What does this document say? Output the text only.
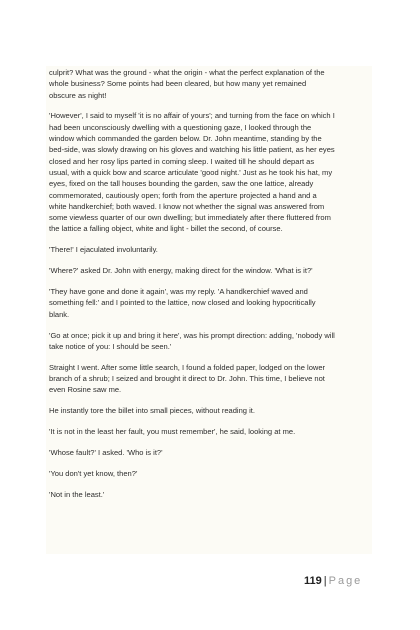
culprit? What was the ground - what the origin - what the perfect explanation of the
whole business? Some points had been cleared, but how many yet remained
obscure as night!

'However', I said to myself 'it is no affair of yours'; and turning from the face on which I
had been unconsciously dwelling with a questioning gaze, I looked through the
window which commanded the garden below. Dr. John meantime, standing by the
bed-side, was slowly drawing on his gloves and watching his little patient, as her eyes
closed and her rosy lips parted in coming sleep. I waited till he should depart as
usual, with a quick bow and scarce articulate 'good night.' Just as he took his hat, my
eyes, fixed on the tall houses bounding the garden, saw the one lattice, already
commemorated, cautiously open; forth from the aperture projected a hand and a
white handkerchief; both waved. I know not whether the signal was answered from
some viewless quarter of our own dwelling; but immediately after there fluttered from
the lattice a falling object, white and light - billet the second, of course.

'There!' I ejaculated involuntarily.

'Where?' asked Dr. John with energy, making direct for the window. 'What is it?'

'They have gone and done it again', was my reply. 'A handkerchief waved and
something fell:' and I pointed to the lattice, now closed and looking hypocritically
blank.

'Go at once; pick it up and bring it here', was his prompt direction: adding, 'nobody will
take notice of you: I should be seen.'

Straight I went. After some little search, I found a folded paper, lodged on the lower
branch of a shrub; I seized and brought it direct to Dr. John. This time, I believe not
even Rosine saw me.

He instantly tore the billet into small pieces, without reading it.

'It is not in the least her fault, you must remember', he said, looking at me.

'Whose fault?' I asked. 'Who is it?'

'You don't yet know, then?'

'Not in the least.'

119 | Page
